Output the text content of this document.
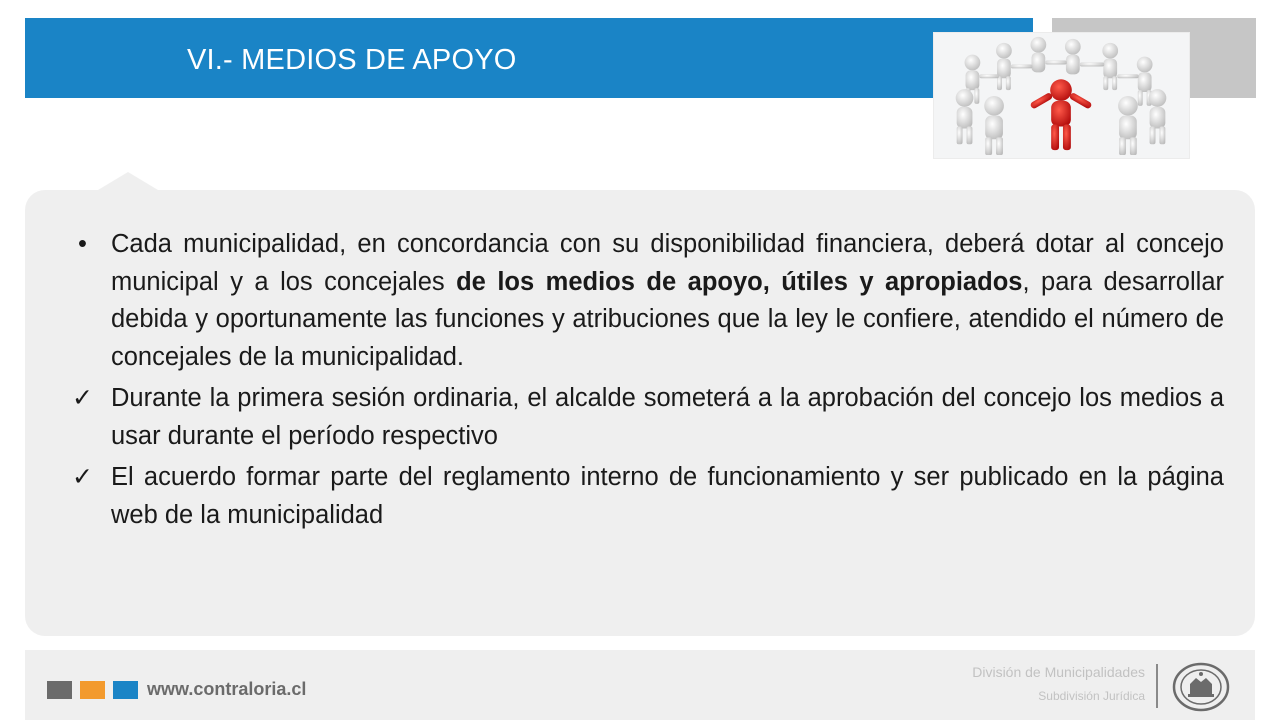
VI.- MEDIOS DE APOYO
• Cada municipalidad, en concordancia con su disponibilidad financiera, deberá dotar al concejo municipal y a los concejales de los medios de apoyo, útiles y apropiados, para desarrollar debida y oportunamente las funciones y atribuciones que la ley le confiere, atendido el número de concejales de la municipalidad.
✓ Durante la primera sesión ordinaria, el alcalde someterá a la aprobación del concejo los medios a usar durante el período respectivo
✓ El acuerdo formar parte del reglamento interno de funcionamiento y ser publicado en la página web de la municipalidad
www.contraloria.cl
División de Municipalidades
Subdivisión Jurídica
